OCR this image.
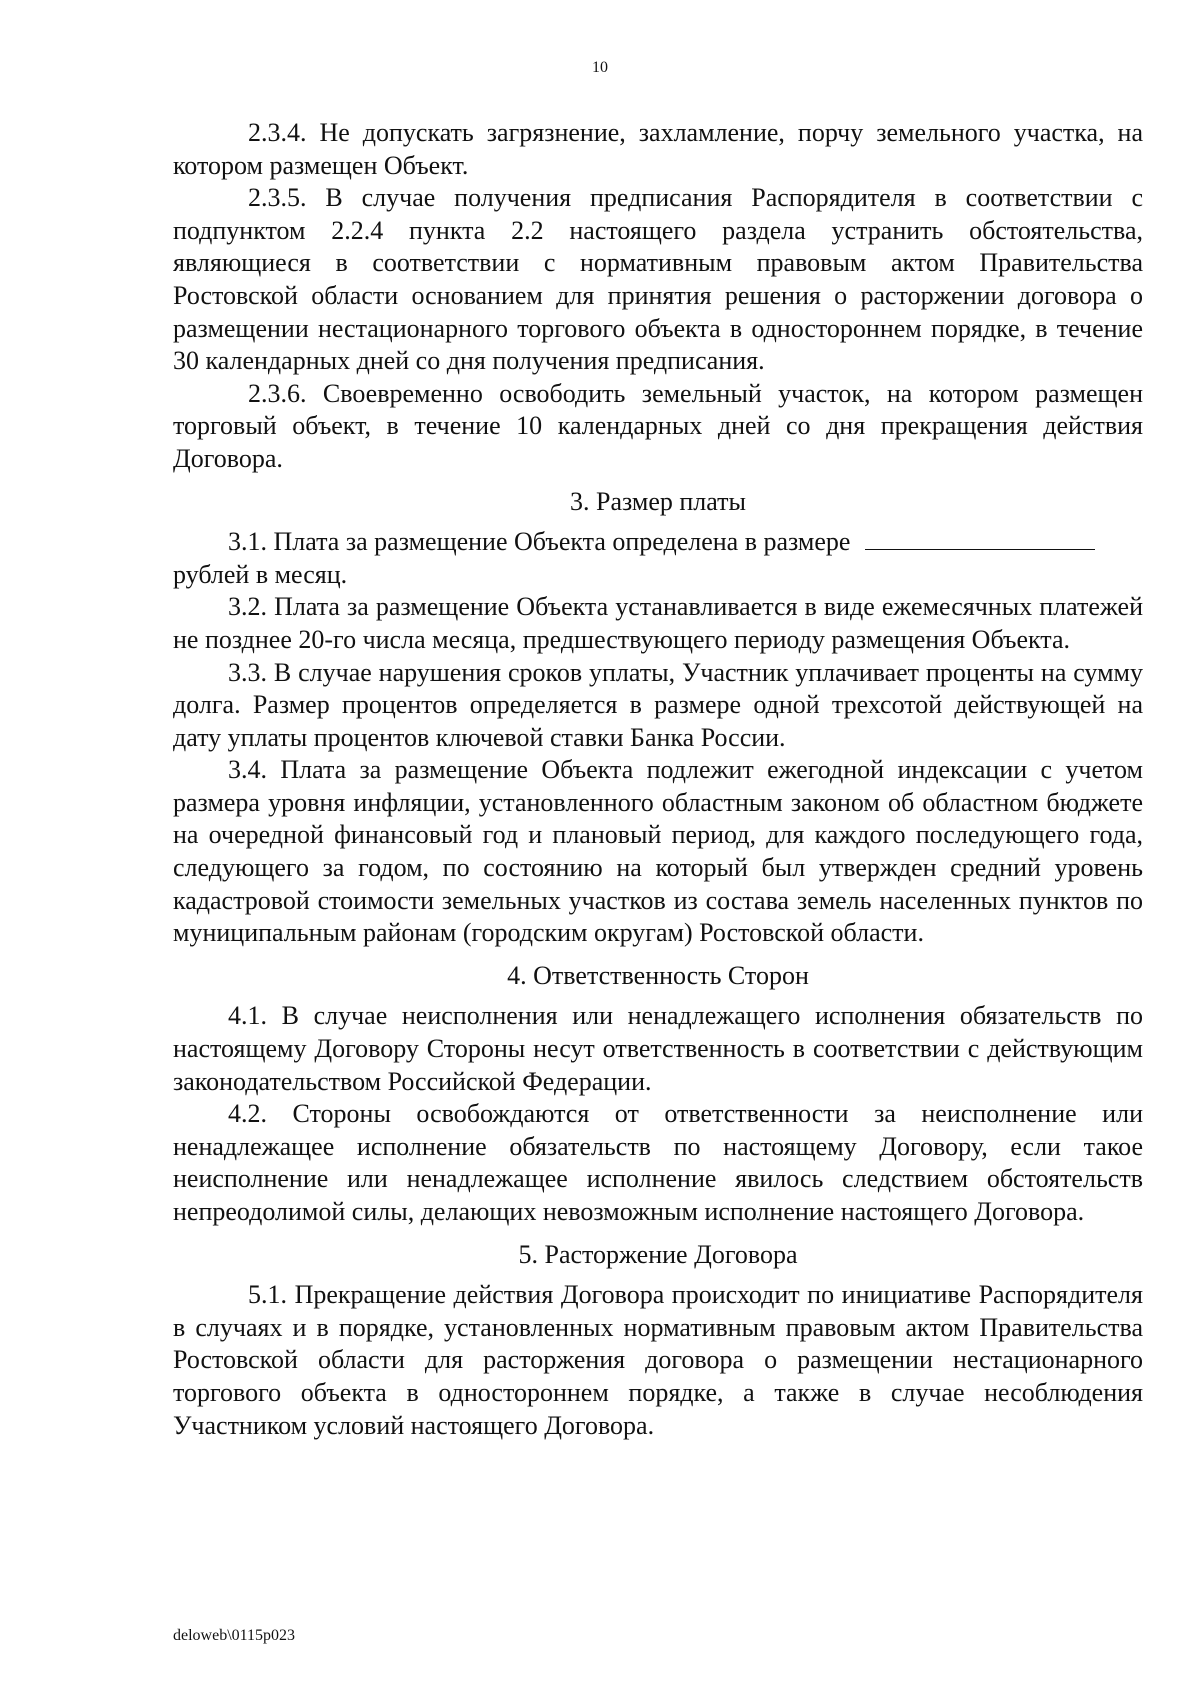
10

2.3.4. Не допускать загрязнение, захламление, порчу земельного участка, на котором размещен Объект.

2.3.5. В случае получения предписания Распорядителя в соответствии с подпунктом 2.2.4 пункта 2.2 настоящего раздела устранить обстоятельства, являющиеся в соответствии с нормативным правовым актом Правительства Ростовской области основанием для принятия решения о расторжении договора о размещении нестационарного торгового объекта в одностороннем порядке, в течение 30 календарных дней со дня получения предписания.

2.3.6. Своевременно освободить земельный участок, на котором размещен торговый объект, в течение 10 календарных дней со дня прекращения действия Договора.

3. Размер платы

3.1. Плата за размещение Объекта определена в размере
рублей в месяц.

3.2. Плата за размещение Объекта устанавливается в виде ежемесячных платежей не позднее 20-го числа месяца, предшествующего периоду размещения Объекта.

3.3. В случае нарушения сроков уплаты, Участник уплачивает проценты на сумму долга. Размер процентов определяется в размере одной трехсотой действующей на дату уплаты процентов ключевой ставки Банка России.

3.4. Плата за размещение Объекта подлежит ежегодной индексации с учетом размера уровня инфляции, установленного областным законом об областном бюджете на очередной финансовый год и плановый период, для каждого последующего года, следующего за годом, по состоянию на который был утвержден средний уровень кадастровой стоимости земельных участков из состава земель населенных пунктов по муниципальным районам (городским округам) Ростовской области.

4. Ответственность Сторон

4.1. В случае неисполнения или ненадлежащего исполнения обязательств по настоящему Договору Стороны несут ответственность в соответствии с действующим законодательством Российской Федерации.

4.2. Стороны освобождаются от ответственности за неисполнение или ненадлежащее исполнение обязательств по настоящему Договору, если такое неисполнение или ненадлежащее исполнение явилось следствием обстоятельств непреодолимой силы, делающих невозможным исполнение настоящего Договора.

5. Расторжение Договора

5.1. Прекращение действия Договора происходит по инициативе Распорядителя в случаях и в порядке, установленных нормативным правовым актом Правительства Ростовской области для расторжения договора о размещении нестационарного торгового объекта в одностороннем порядке, а также в случае несоблюдения Участником условий настоящего Договора.

deloweb\0115p023
